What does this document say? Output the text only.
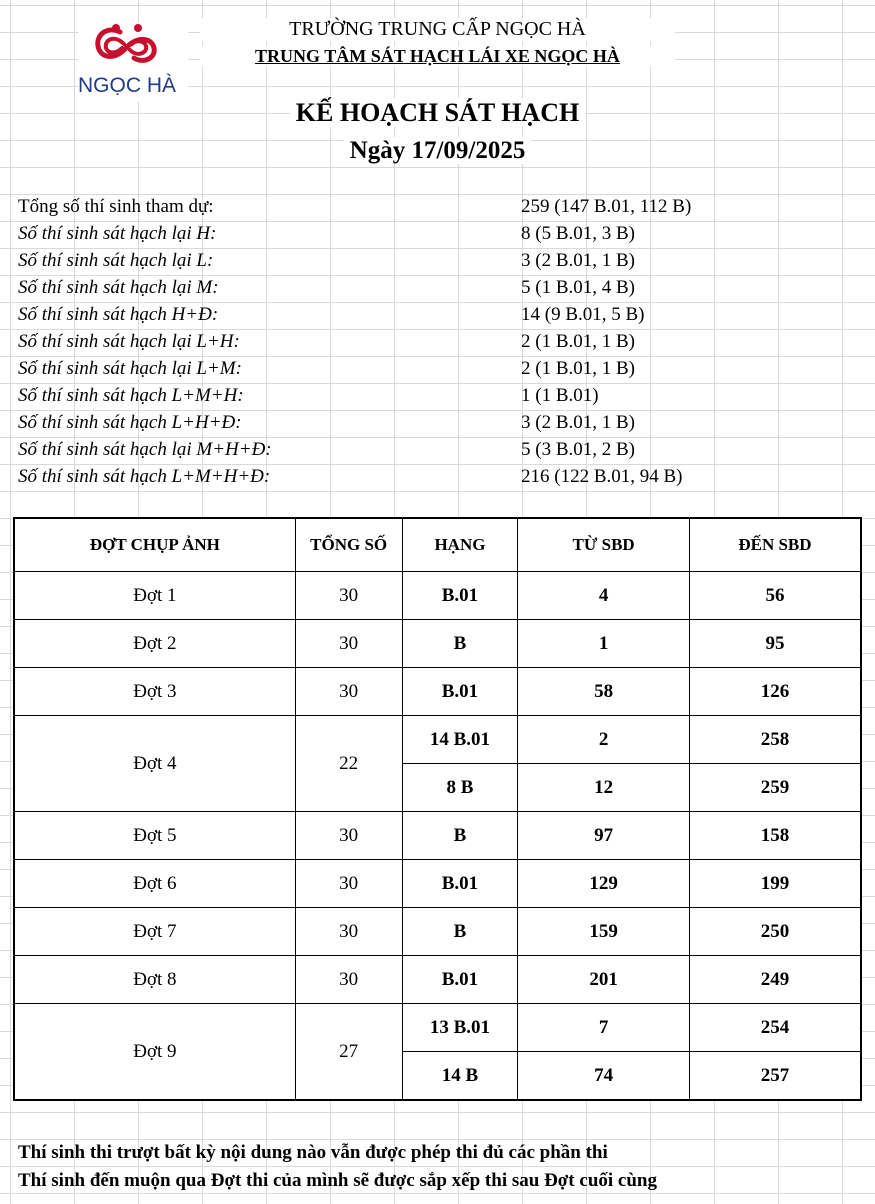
NGỌC HÀ
TRƯỜNG TRUNG CẤP NGỌC HÀ
TRUNG TÂM SÁT HẠCH LÁI XE NGỌC HÀ
KẾ HOẠCH SÁT HẠCH
Ngày 17/09/2025
Tổng số thí sinh tham dự:	259 (147 B.01, 112 B)
Số thí sinh sát hạch lại H:	8 (5 B.01, 3 B)
Số thí sinh sát hạch lại L:	3 (2 B.01, 1 B)
Số thí sinh sát hạch lại M:	5 (1 B.01, 4 B)
Số thí sinh sát hạch H+Đ:	14 (9 B.01, 5 B)
Số thí sinh sát hạch lại L+H:	2 (1 B.01, 1 B)
Số thí sinh sát hạch lại L+M:	2 (1 B.01, 1 B)
Số thí sinh sát hạch L+M+H:	1 (1 B.01)
Số thí sinh sát hạch L+H+Đ:	3 (2 B.01, 1 B)
Số thí sinh sát hạch lại M+H+Đ:	5 (3 B.01, 2 B)
Số thí sinh sát hạch L+M+H+Đ:	216 (122 B.01, 94 B)
ĐỢT CHỤP ẢNH	TỔNG SỐ	HẠNG	TỪ SBD	ĐẾN SBD
Đợt 1	30	B.01	4	56
Đợt 2	30	B	1	95
Đợt 3	30	B.01	58	126
Đợt 4	22	14 B.01	2	258
		8 B	12	259
Đợt 5	30	B	97	158
Đợt 6	30	B.01	129	199
Đợt 7	30	B	159	250
Đợt 8	30	B.01	201	249
Đợt 9	27	13 B.01	7	254
		14 B	74	257
Thí sinh thi trượt bất kỳ nội dung nào vẫn được phép thi đủ các phần thi
Thí sinh đến muộn qua Đợt thi của mình sẽ được sắp xếp thi sau Đợt cuối cùng
